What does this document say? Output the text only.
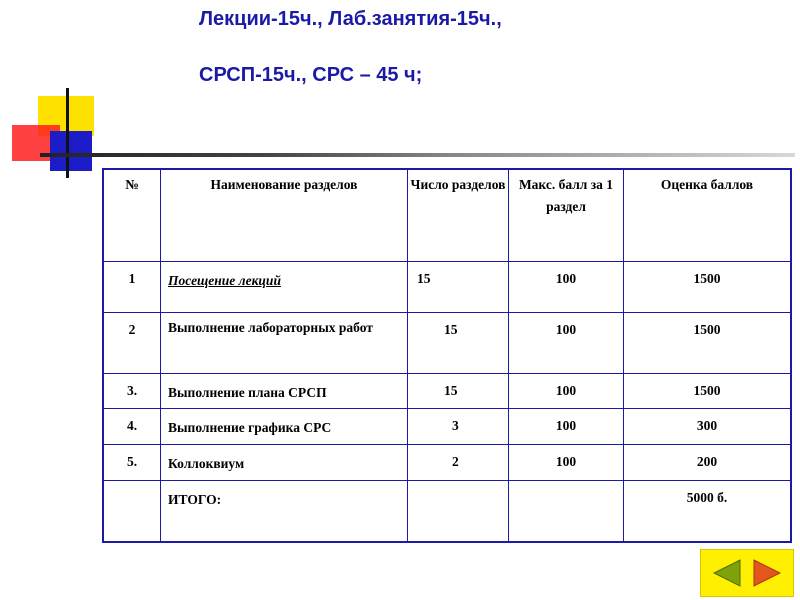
Лекции-15ч., Лаб.занятия-15ч.,
СРСП-15ч., СРС – 45 ч;
№	Наименование разделов	Число разделов	Макс. балл за 1 раздел	Оценка баллов
1	Посещение лекций	15	100	1500
2	Выполнение лабораторных работ	15	100	1500
3.	Выполнение плана СРСП	15	100	1500
4.	Выполнение графика СРС	3	100	300
5.	Коллоквиум	2	100	200
	ИТОГО:			5000 б.
